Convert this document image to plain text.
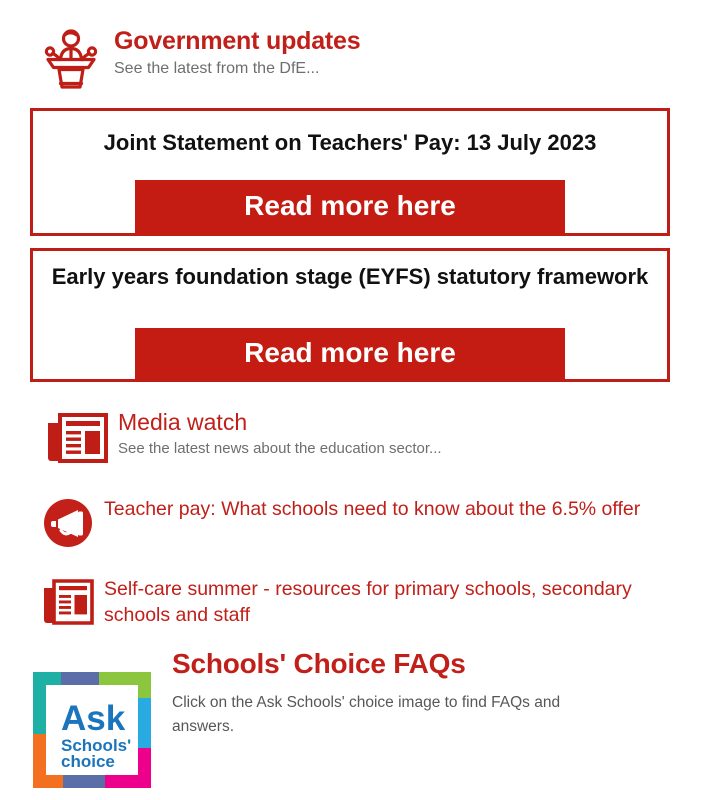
Government updates
See the latest from the DfE...
Joint Statement on Teachers' Pay: 13 July 2023
Read more here
Early years foundation stage (EYFS) statutory framework
Read more here
Media watch
See the latest news about the education sector...
Teacher pay: What schools need to know about the 6.5% offer
Self-care summer - resources for primary schools, secondary schools and staff
Ask
Schools'
choice
Schools' Choice FAQs
Click on the Ask Schools' choice image to find FAQs and answers.
